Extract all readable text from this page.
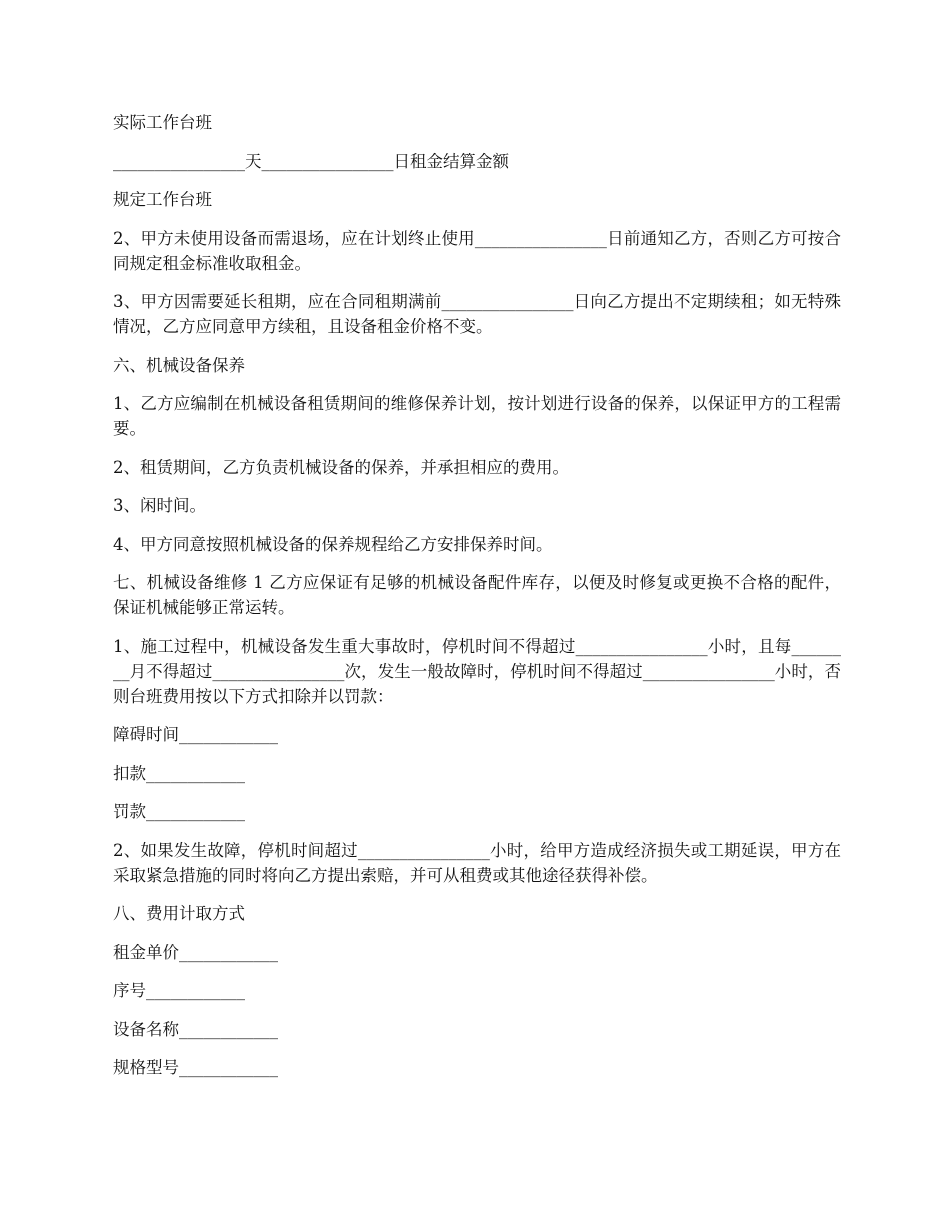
实际工作台班

________________天________________日租金结算金额

规定工作台班

2、甲方未使用设备而需退场，应在计划终止使用________________日前通知乙方，否则乙方可按合同规定租金标准收取租金。

3、甲方因需要延长租期，应在合同租期满前________________日向乙方提出不定期续租；如无特殊情况，乙方应同意甲方续租，且设备租金价格不变。

六、机械设备保养

1、乙方应编制在机械设备租赁期间的维修保养计划，按计划进行设备的保养，以保证甲方的工程需要。

2、租赁期间，乙方负责机械设备的保养，并承担相应的费用。

3、闲时间。

4、甲方同意按照机械设备的保养规程给乙方安排保养时间。

七、机械设备维修 1 乙方应保证有足够的机械设备配件库存，以便及时修复或更换不合格的配件，保证机械能够正常运转。

1、施工过程中，机械设备发生重大事故时，停机时间不得超过________________小时，且每________月不得超过________________次，发生一般故障时，停机时间不得超过________________小时，否则台班费用按以下方式扣除并以罚款：

障碍时间____________

扣款____________

罚款____________

2、如果发生故障，停机时间超过________________小时，给甲方造成经济损失或工期延误，甲方在采取紧急措施的同时将向乙方提出索赔，并可从租费或其他途径获得补偿。

八、费用计取方式

租金单价____________

序号____________

设备名称____________

规格型号____________
